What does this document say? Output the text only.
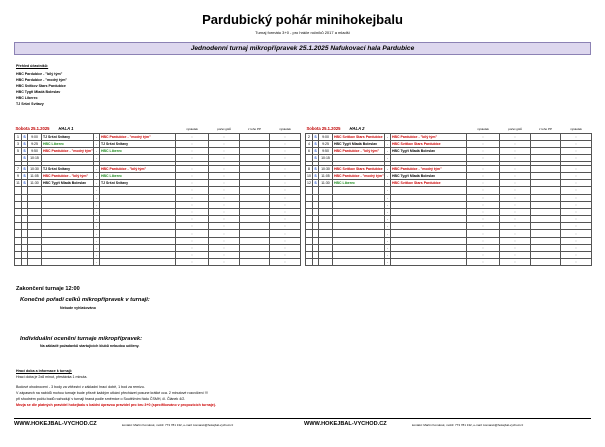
Pardubický pohár minihokejbalu
Turnaj formátu 3+0 - pro hráče ročníků 2017 a mladší
Jednodenní turnaj mikropřípravek 25.1.2025 Nafukovací hala Pardubice
Přehled účastníků:
HBC Pardubice - "bílý tým"
HBC Pardubice - "modrý tým"
HBC Svítkov Stars Pardubice
HBC Tygři Mladá Boleslav
HBC Liberec
TJ Sršni Svitavy
Sobota 25.1.2025 HALA 1						výsledek	počet gólů	z toho PP	výsledek
1	S	9:00	TJ Sršni Svitavy	-	HBC Pardubice - "modrý tým"	:	:		:
3	S	9:25	HBC Liberec	-	TJ Sršni Svitavy	:	:		:
5	S	9:50	HBC Pardubice - "modrý tým"	-	HBC Liberec	:	:		:
	S	10:15		-		:	:		:

7	S	10:30	TJ Sršni Svitavy	-	HBC Pardubice - "bílý tým"	:	:		:
9	S	11:05	HBC Pardubice - "bílý tým"	-	HBC Liberec	:	:		:
11	S	11:30	HBC Tygři Mladá Boleslav	-	TJ Sršni Svitavy	:	:		:
				-		:	:		:
				-		:	:		:
				-		:	:		:
				-		:	:		:
				-		:	:		:
				-		:	:		:
				-		:	:		:
				-		:	:		:
				-		:	:		:
				-		:	:		:
				-		:	:		:
Sobota 25.1.2025 HALA 2						výsledek	počet gólů	z toho PP	výsledek
2	S	9:00	HBC Svítkov Stars Pardubice	-	HBC Pardubice - "bílý tým"	:	:		:
4	S	9:25	HBC Tygři Mladá Boleslav	-	HBC Svítkov Stars Pardubice	:	:		:
6	S	9:50	HBC Pardubice - "bílý tým"	-	HBC Tygři Mladá Boleslav	:	:		:
	S	10:15		-		:	:		:

8	S	10:30	HBC Svítkov Stars Pardubice	-	HBC Pardubice - "modrý tým"	:	:		:
10	S	11:05	HBC Pardubice - "modrý tým"	-	HBC Tygři Mladá Boleslav	:	:		:
12	S	11:30	HBC Liberec	-	HBC Svítkov Stars Pardubice	:	:		:
				-		:	:		:
				-		:	:		:
				-		:	:		:
				-		:	:		:
				-		:	:		:
				-		:	:		:
				-		:	:		:
				-		:	:		:
				-		:	:		:
				-		:	:		:
				-		:	:		:
Zakončení turnaje 12:00
Konečné pořadí celků mikropřípravek v turnaji:
Nebude vyhlašováno
Individuální ocenění turnaje mikropřípravek:
Na základě požadavků startujících klubů nebudou udíleny.
Hrací doba a informace k turnaji:
Hrací doba je 2x8 minut, přestávka 1 minuta.
Bodové ohodnocení - 3 body za vítězství v základní hrací době, 1 bod za remízu.
V zápasech na nabídů mohou turnaje bude přísně každým utkání přecházet posune krátké cca. 2 minutové rozcvičení !!!
při shodném počtu bodů rozhodují v turnaji hraná podle směrnice o Soutěžním řádu ČSMH, čl. Článek 4/2.
Mezja se dle platných pravidel hokejbalu s baldní úpravou pravidel pro bru 3+0 (specifikováno v propozicích turnaje).
WWW.HOKEJBAL-VYCHOD.CZ	kontakt: Martin Komárek, mobil: 773 781 132, e-mail: komarek@hokejbal-vychod.cz	WWW.HOKEJBAL-VYCHOD.CZ	kontakt: Martin Komárek, mobil: 773 781 132, e-mail: komarek@hokejbal-vychod.cz
